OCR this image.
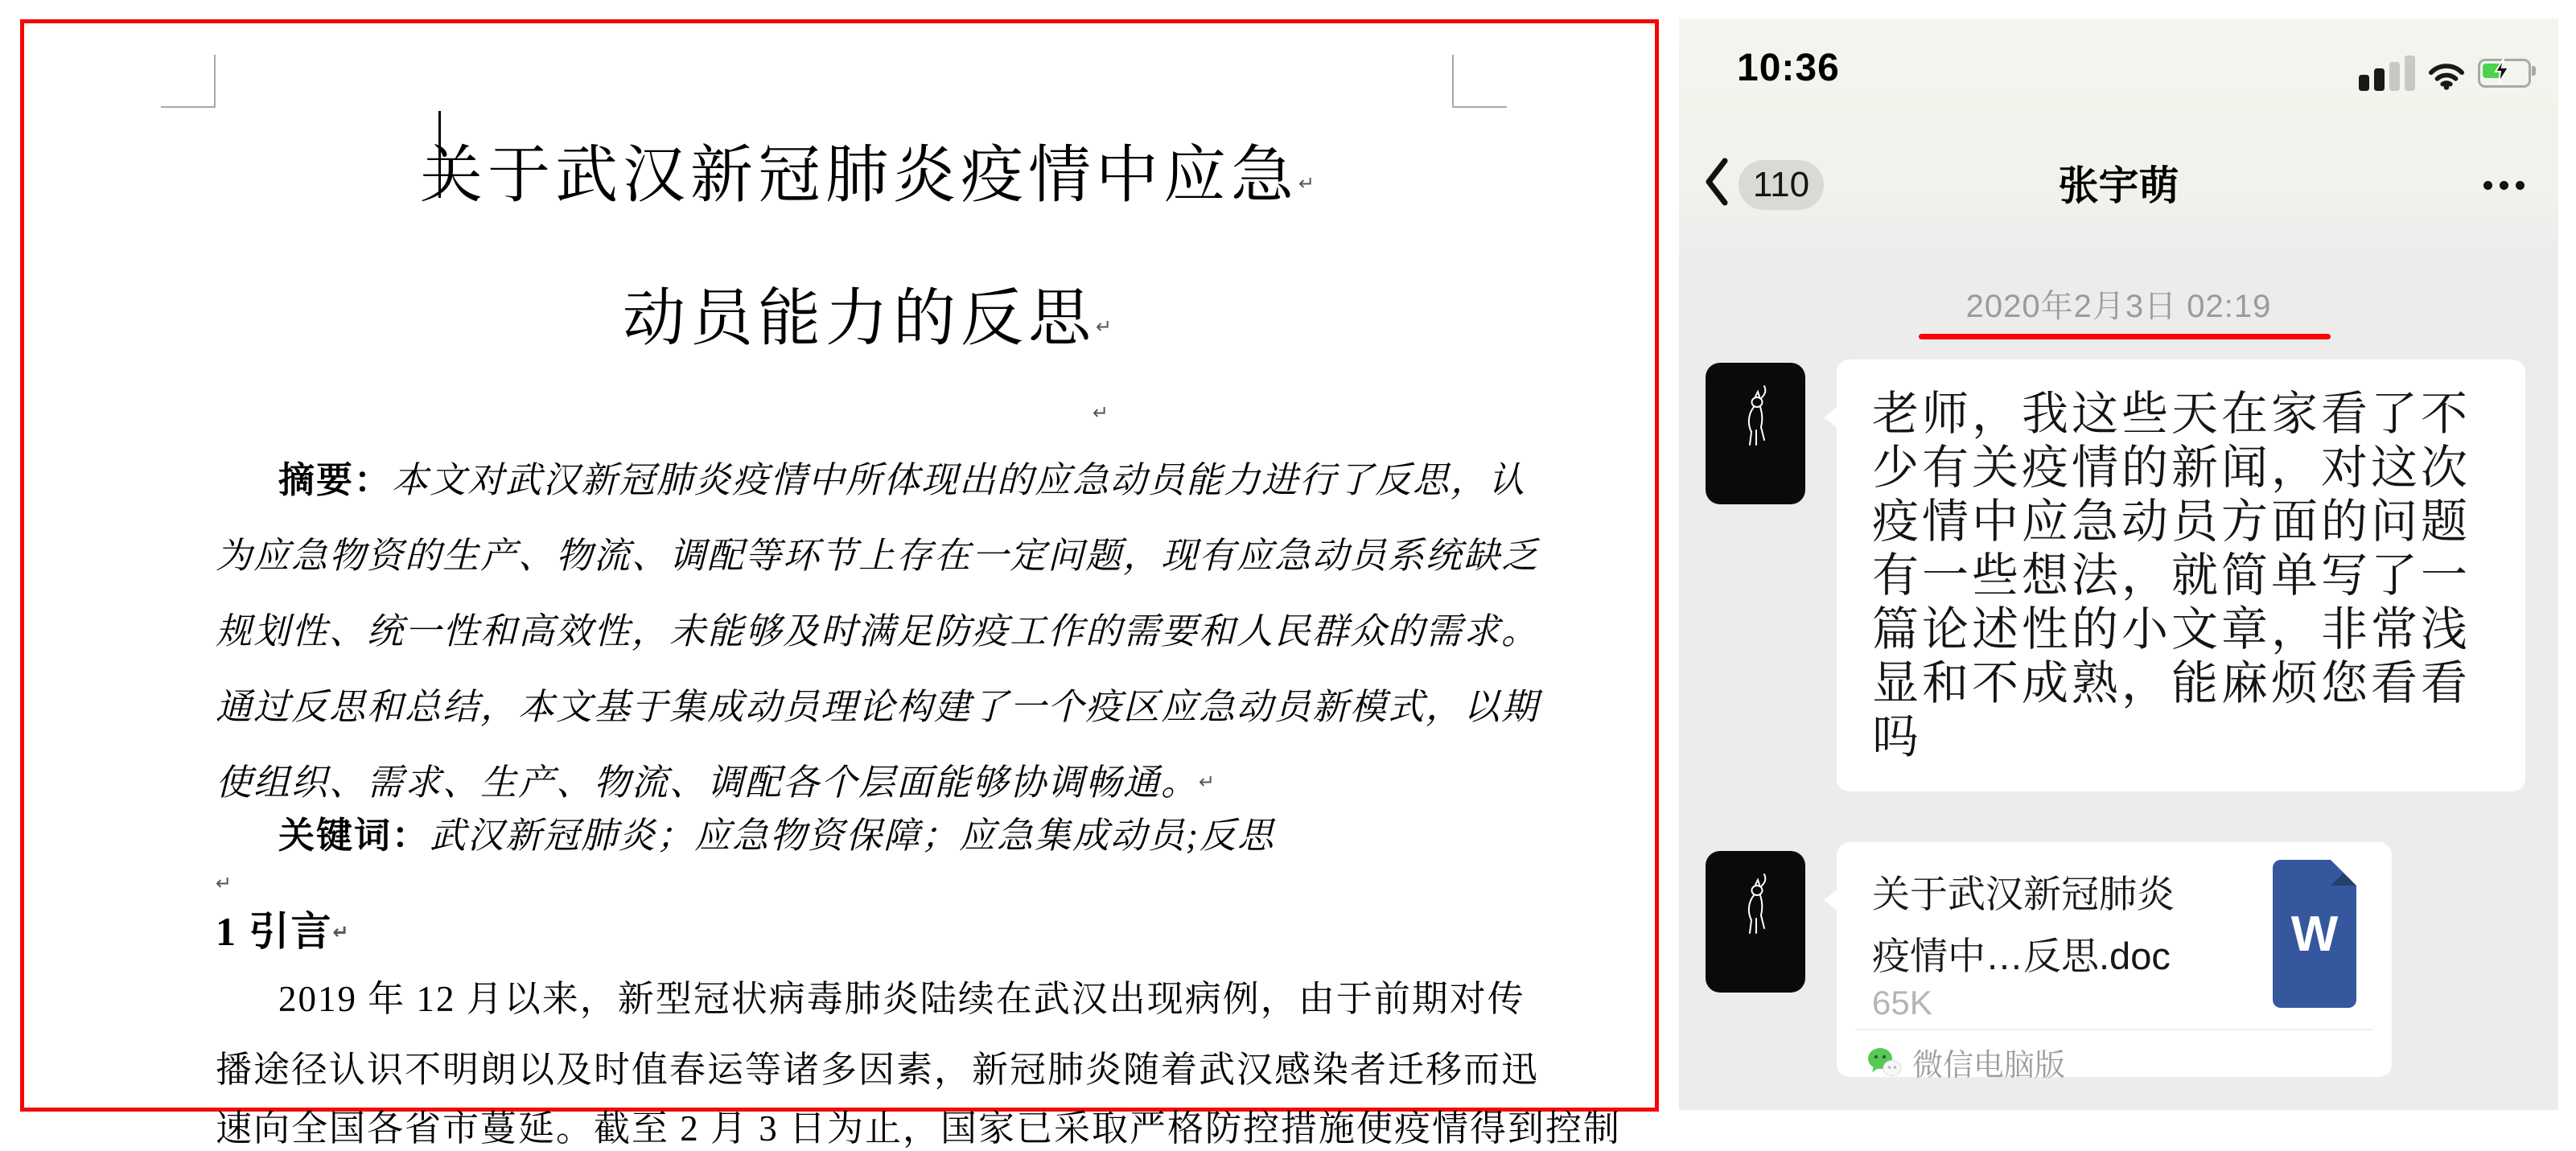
关于武汉新冠肺炎疫情中应急↵
动员能力的反思↵
↵
摘要：本文对武汉新冠肺炎疫情中所体现出的应急动员能力进行了反思，认
为应急物资的生产、物流、调配等环节上存在一定问题，现有应急动员系统缺乏
规划性、统一性和高效性，未能够及时满足防疫工作的需要和人民群众的需求。
通过反思和总结，本文基于集成动员理论构建了一个疫区应急动员新模式，以期
使组织、需求、生产、物流、调配各个层面能够协调畅通。↵
关键词：武汉新冠肺炎；应急物资保障；应急集成动员;反思
↵
1 引言↵
2019 年 12 月以来，新型冠状病毒肺炎陆续在武汉出现病例，由于前期对传
播途径认识不明朗以及时值春运等诸多因素，新冠肺炎随着武汉感染者迁移而迅
速向全国各省市蔓延。截至 2 月 3 日为止，国家已采取严格防控措施使疫情得到控制
10:36
110	张宇萌
2020年2月3日 02:19
老师，我这些天在家看了不
少有关疫情的新闻，对这次
疫情中应急动员方面的问题
有一些想法，就简单写了一
篇论述性的小文章，非常浅
显和不成熟，能麻烦您看看
吗
关于武汉新冠肺炎
疫情中…反思.doc	W
65K
微信电脑版
